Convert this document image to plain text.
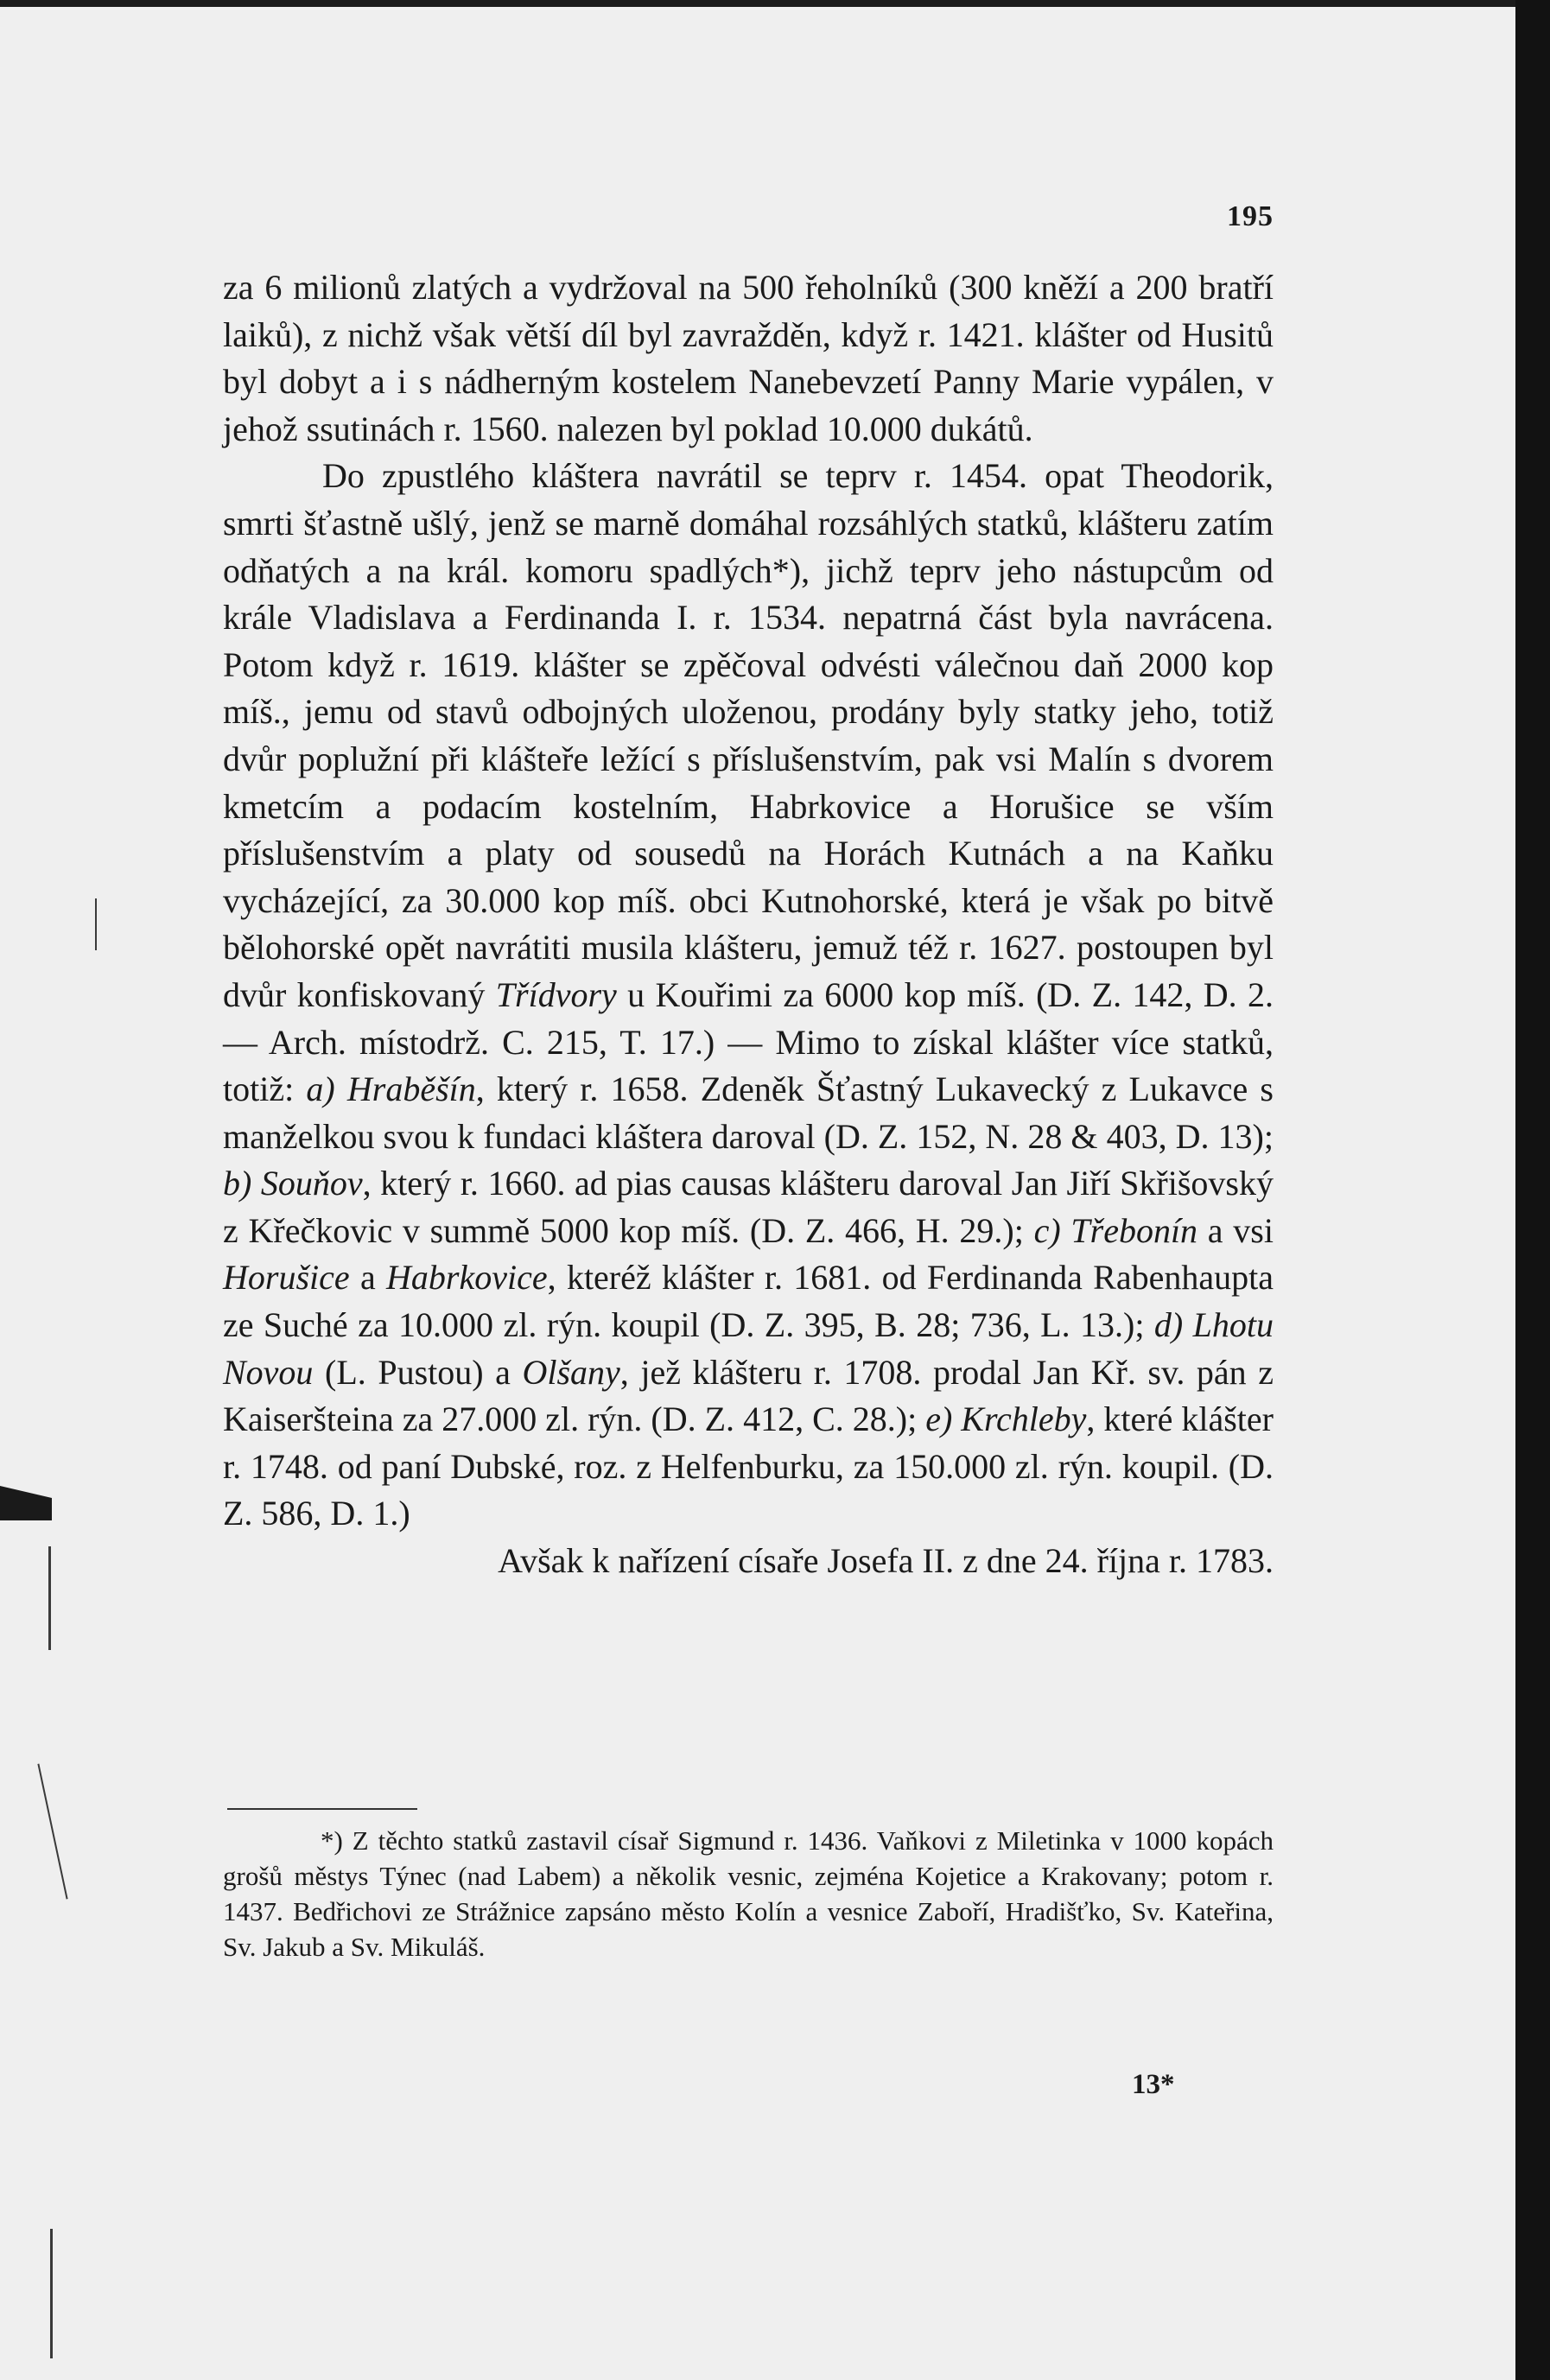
195

za 6 milionů zlatých a vydržoval na 500 řeholníků (300 kněží a 200 bratří laiků), z nichž však větší díl byl zavražděn, když r. 1421. klášter od Husitů byl dobyt a i s nádherným kostelem Nanebevzetí Panny Marie vypálen, v jehož ssutinách r. 1560. nalezen byl poklad 10.000 dukátů.

Do zpustlého kláštera navrátil se teprv r. 1454. opat Theodorik, smrti šťastně ušlý, jenž se marně domáhal rozsáhlých statků, klášteru zatím odňatých a na král. komoru spadlých*), jichž teprv jeho nástupcům od krále Vladislava a Ferdinanda I. r. 1534. nepatrná část byla navrácena. Potom když r. 1619. klášter se zpěčoval odvésti válečnou daň 2000 kop míš., jemu od stavů odbojných uloženou, prodány byly statky jeho, totiž dvůr poplužní při klášteře ležící s příslušenstvím, pak vsi Malín s dvorem kmetcím a podacím kostelním, Habrkovice a Horušice se vším příslušenstvím a platy od sousedů na Horách Kutnách a na Kaňku vycházející, za 30.000 kop míš. obci Kutnohorské, která je však po bitvě bělohorské opět navrátiti musila klášteru, jemuž též r. 1627. postoupen byl dvůr konfiskovaný Třídvory u Kouřimi za 6000 kop míš. (D. Z. 142, D. 2. — Arch. místodrž. C. 215, T. 17.) — Mimo to získal klášter více statků, totiž: a) Hraběšín, který r. 1658. Zdeněk Šťastný Lukavecký z Lukavce s manželkou svou k fundaci kláštera daroval (D. Z. 152, N. 28 & 403, D. 13); b) Souňov, který r. 1660. ad pias causas klášteru daroval Jan Jiří Skřišovský z Křečkovic v summě 5000 kop míš. (D. Z. 466, H. 29.); c) Třebonín a vsi Horušice a Habrkovice, kteréž klášter r. 1681. od Ferdinanda Rabenhaupta ze Suché za 10.000 zl. rýn. koupil (D. Z. 395, B. 28; 736, L. 13.); d) Lhotu Novou (L. Pustou) a Olšany, jež klášteru r. 1708. prodal Jan Kř. sv. pán z Kaiseršteina za 27.000 zl. rýn. (D. Z. 412, C. 28.); e) Krchleby, které klášter r. 1748. od paní Dubské, roz. z Helfenburku, za 150.000 zl. rýn. koupil. (D. Z. 586, D. 1.)

Avšak k nařízení císaře Josefa II. z dne 24. října r. 1783.

*) Z těchto statků zastavil císař Sigmund r. 1436. Vaňkovi z Miletinka v 1000 kopách grošů městys Týnec (nad Labem) a několik vesnic, zejména Kojetice a Krakovany; potom r. 1437. Bedřichovi ze Strážnice zapsáno město Kolín a vesnice Zaboří, Hradišťko, Sv. Kateřina, Sv. Jakub a Sv. Mikuláš.
13*
